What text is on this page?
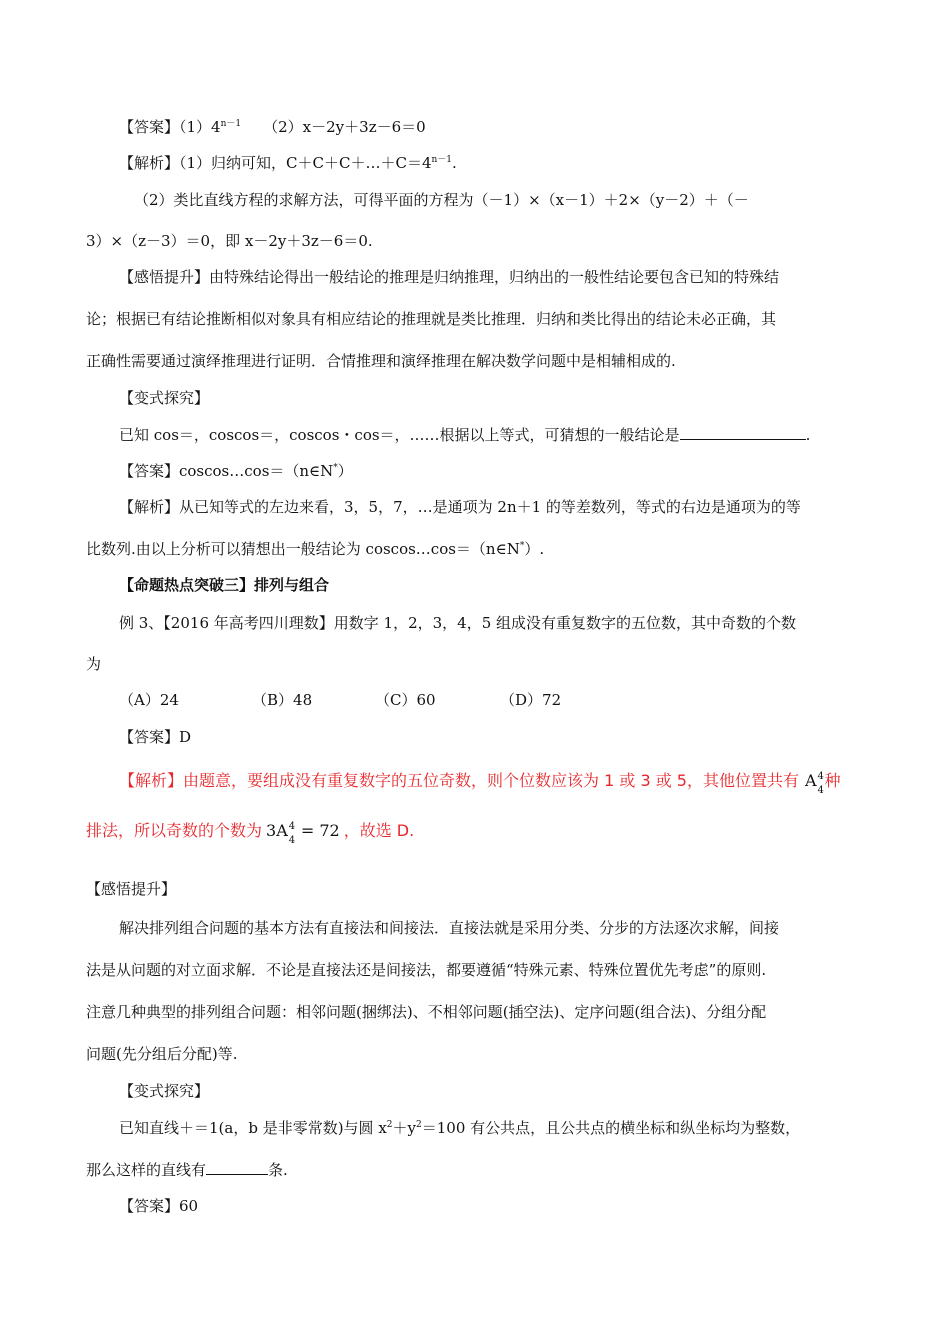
【答案】$(1)4^{n-1}$ （2）x－2y＋3z－6＝0
【解析】（1）归纳可知，$C+C+C+\dots+C=4^{n-1}$.
（2）类比直线方程的求解方法，可得平面的方程为（－1）×（x－1）＋2×（y－2）＋（－
3）×（z－3）＝0，即 x－2y＋3z－6＝0.
【感悟提升】由特殊结论得出一般结论的推理是归纳推理，归纳出的一般性结论要包含已知的特殊结
论；根据已有结论推断相似对象具有相应结论的推理就是类比推理．归纳和类比得出的结论未必正确，其
正确性需要通过演绎推理进行证明．合情推理和演绎推理在解决数学问题中是相辅相成的.
【变式探究】
已知 cos＝，coscos＝，coscos・cos＝，……根据以上等式，可猜想的一般结论是	.
【答案】coscos…cos＝（n∈N*）
【解析】从已知等式的左边来看，3，5，7，…是通项为 2n＋1 的等差数列，等式的右边是通项为的等
比数列.由以上分析可以猜想出一般结论为 coscos…cos＝（n∈N*）.
【命题热点突破三】排列与组合
例 3、【2016 年高考四川理数】用数字 1，2，3，4，5 组成没有重复数字的五位数，其中奇数的个数
为
（A）24	（B）48	（C）60	（D）72
【答案】D
【解析】由题意，要组成没有重复数字的五位奇数，则个位数应该为 1 或 3 或 5，其他位置共有 A 4
4 种
排法，所以奇数的个数为 3A 4
4 = 72 ，故选 D.
【感悟提升】
解决排列组合问题的基本方法有直接法和间接法．直接法就是采用分类、分步的方法逐次求解，间接
法是从问题的对立面求解．不论是直接法还是间接法，都要遵循“特殊元素、特殊位置优先考虑”的原则.
注意几种典型的排列组合问题：相邻问题(捆绑法)、不相邻问题(插空法)、定序问题(组合法)、分组分配
问题(先分组后分配)等.
【变式探究】
已知直线＋＝1(a，b 是非零常数)与圆 $x^2+y^2=100$ 有公共点，且公共点的横坐标和纵坐标均为整数，
那么这样的直线有	条.
【答案】60
